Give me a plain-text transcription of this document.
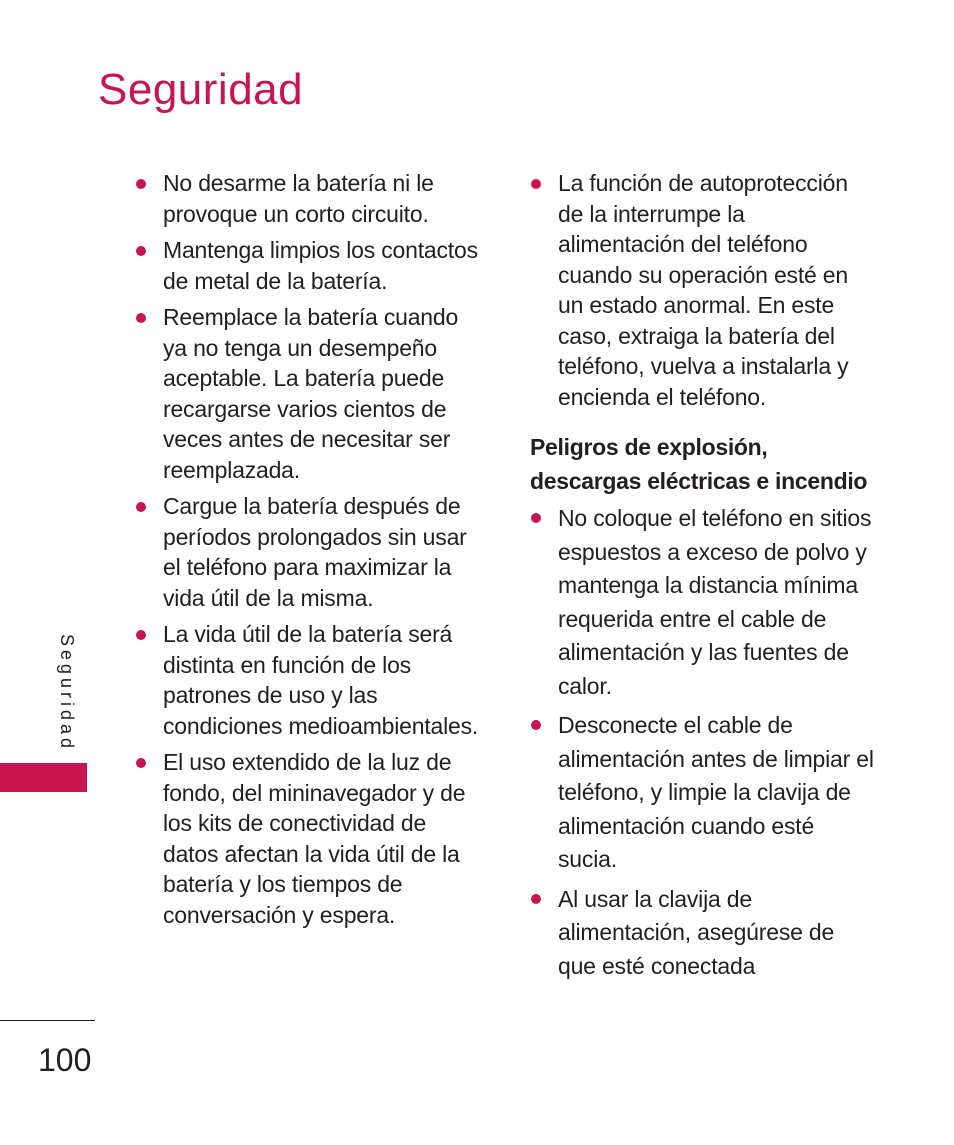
Seguridad
No desarme la batería ni le provoque un corto circuito.
Mantenga limpios los contactos de metal de la batería.
Reemplace la batería cuando ya no tenga un desempeño aceptable. La batería puede recargarse varios cientos de veces antes de necesitar ser reemplazada.
Cargue la batería después de períodos prolongados sin usar el teléfono para maximizar la vida útil de la misma.
La vida útil de la batería será distinta en función de los patrones de uso y las condiciones medioambientales.
El uso extendido de la luz de fondo, del mininavegador y de los kits de conectividad de datos afectan la vida útil de la batería y los tiempos de conversación y espera.
La función de autoprotección de la interrumpe la alimentación del teléfono cuando su operación esté en un estado anormal. En este caso, extraiga la batería del teléfono, vuelva a instalarla y encienda el teléfono.
Peligros de explosión, descargas eléctricas e incendio
No coloque el teléfono en sitios espuestos a exceso de polvo y mantenga la distancia mínima requerida entre el cable de alimentación y las fuentes de calor.
Desconecte el cable de alimentación antes de limpiar el teléfono, y limpie la clavija de alimentación cuando esté sucia.
Al usar la clavija de alimentación, asegúrese de que esté conectada
Seguridad
100
